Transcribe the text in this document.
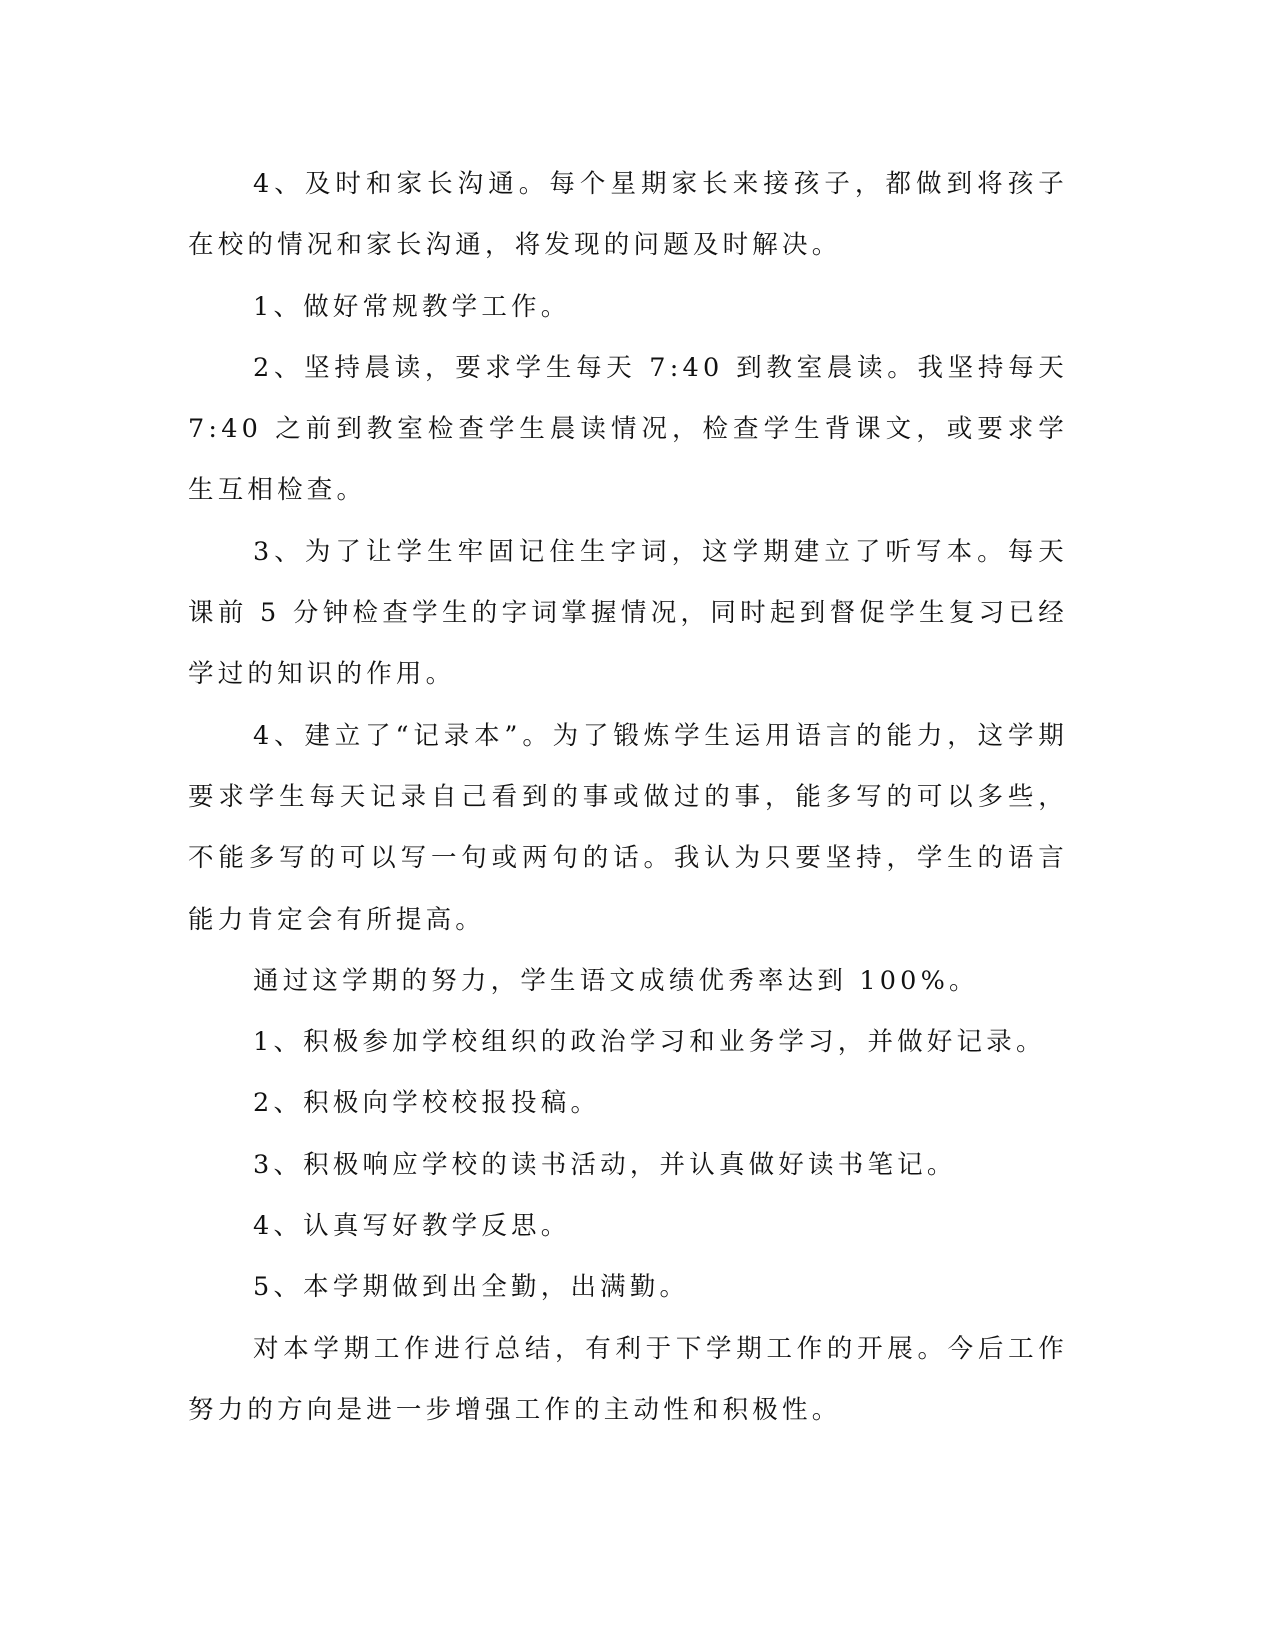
4、及时和家长沟通。每个星期家长来接孩子，都做到将孩子在校的情况和家长沟通，将发现的问题及时解决。

1、做好常规教学工作。

2、坚持晨读，要求学生每天 7:40 到教室晨读。我坚持每天 7:40 之前到教室检查学生晨读情况，检查学生背课文，或要求学生互相检查。

3、为了让学生牢固记住生字词，这学期建立了听写本。每天课前 5 分钟检查学生的字词掌握情况，同时起到督促学生复习已经学过的知识的作用。

4、建立了“记录本”。为了锻炼学生运用语言的能力，这学期要求学生每天记录自己看到的事或做过的事，能多写的可以多些，不能多写的可以写一句或两句的话。我认为只要坚持，学生的语言能力肯定会有所提高。

通过这学期的努力，学生语文成绩优秀率达到 100%。

1、积极参加学校组织的政治学习和业务学习，并做好记录。

2、积极向学校校报投稿。

3、积极响应学校的读书活动，并认真做好读书笔记。

4、认真写好教学反思。

5、本学期做到出全勤，出满勤。

对本学期工作进行总结，有利于下学期工作的开展。今后工作努力的方向是进一步增强工作的主动性和积极性。
